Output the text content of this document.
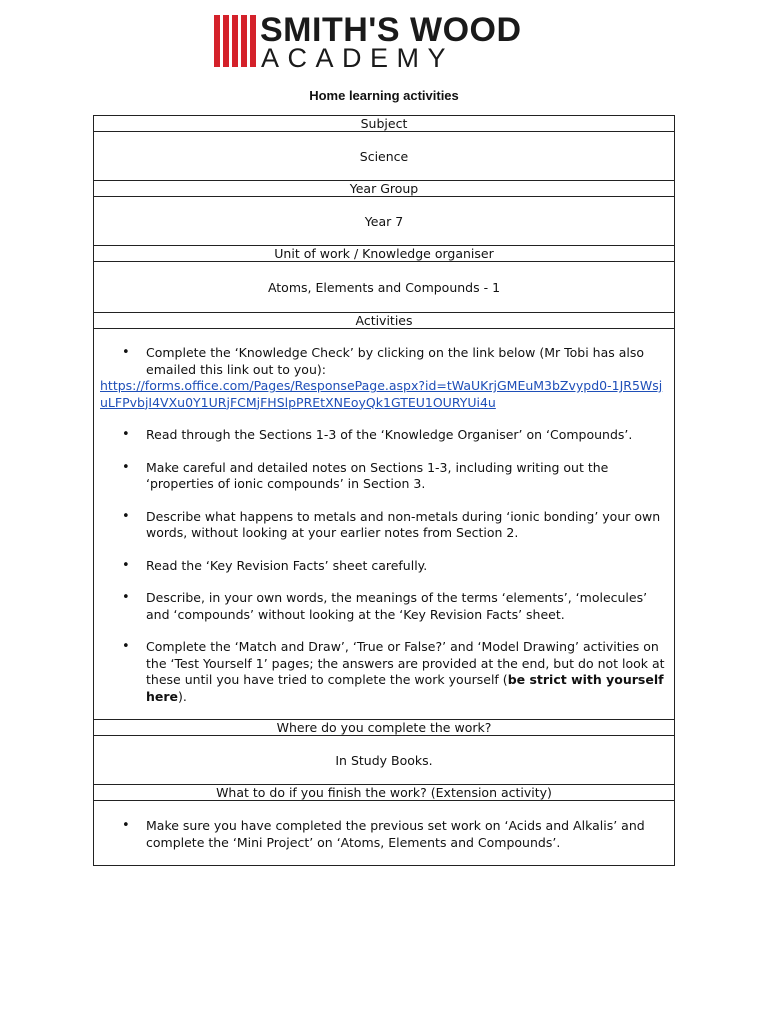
SMITH'S WOOD
ACADEMY
Home learning activities
Subject
Science
Year Group
Year 7
Unit of work / Knowledge organiser
Atoms, Elements and Compounds - 1
Activities

• Complete the ‘Knowledge Check’ by clicking on the link below (Mr Tobi has also emailed this link out to you):
https://forms.office.com/Pages/ResponsePage.aspx?id=tWaUKrjGMEuM3bZvypd0-1JR5WsjuLFPvbjI4VXu0Y1URjFCMjFHSlpPREtXNEoyQk1GTEU1OURYUi4u
• Read through the Sections 1-3 of the ‘Knowledge Organiser’ on ‘Compounds’.
• Make careful and detailed notes on Sections 1-3, including writing out the ‘properties of ionic compounds’ in Section 3.
• Describe what happens to metals and non-metals during ‘ionic bonding’ your own words, without looking at your earlier notes from Section 2.
• Read the ‘Key Revision Facts’ sheet carefully.
• Describe, in your own words, the meanings of the terms ‘elements’, ‘molecules’ and ‘compounds’ without looking at the ‘Key Revision Facts’ sheet.
• Complete the ‘Match and Draw’, ‘True or False?’ and ‘Model Drawing’ activities on the ‘Test Yourself 1’ pages; the answers are provided at the end, but do not look at these until you have tried to complete the work yourself (be strict with yourself here).

Where do you complete the work?
In Study Books.
What to do if you finish the work? (Extension activity)

• Make sure you have completed the previous set work on ‘Acids and Alkalis’ and complete the ‘Mini Project’ on ‘Atoms, Elements and Compounds’.
